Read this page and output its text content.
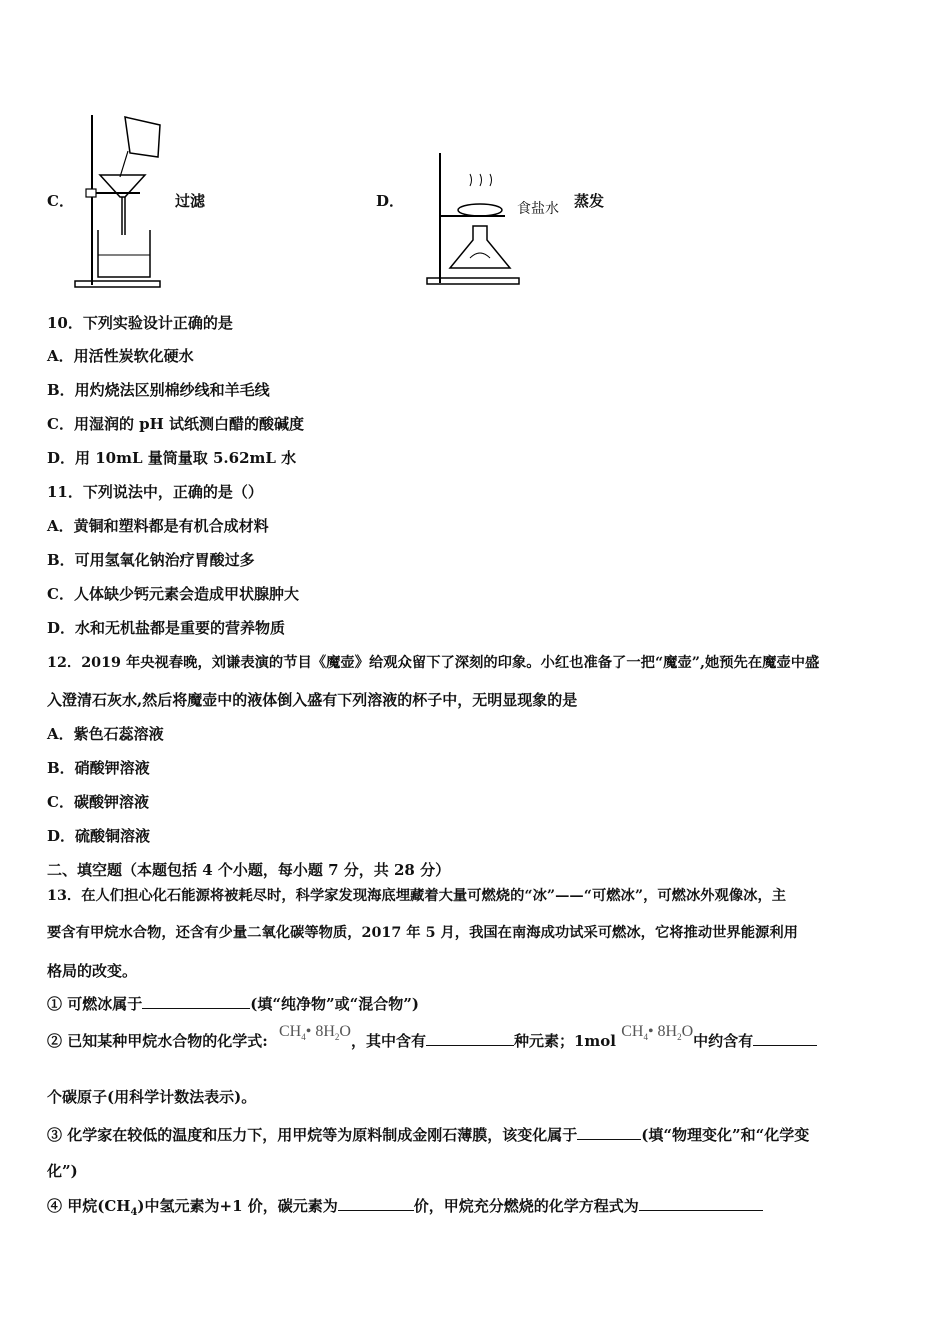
C．	过滤	D．	食盐水 蒸发
10．下列实验设计正确的是
A．用活性炭软化硬水
B．用灼烧法区别棉纱线和羊毛线
C．用湿润的 pH 试纸测白醋的酸碱度
D．用 10mL 量筒量取 5.62mL 水
11．下列说法中，正确的是（）
A．黄铜和塑料都是有机合成材料
B．可用氢氧化钠治疗胃酸过多
C．人体缺少钙元素会造成甲状腺肿大
D．水和无机盐都是重要的营养物质
12．2019 年央视春晚，刘谦表演的节目《魔壶》给观众留下了深刻的印象。小红也准备了一把“魔壶”,她预先在魔壶中盛
入澄清石灰水,然后将魔壶中的液体倒入盛有下列溶液的杯子中，无明显现象的是
A．紫色石蕊溶液
B．硝酸钾溶液
C．碳酸钾溶液
D．硫酸铜溶液
二、填空题（本题包括 4 个小题，每小题 7 分，共 28 分）
13．在人们担心化石能源将被耗尽时，科学家发现海底埋藏着大量可燃烧的“冰”——“可燃冰”，可燃冰外观像冰，主
要含有甲烷水合物，还含有少量二氧化碳等物质，2017 年 5 月，我国在南海成功试采可燃冰，它将推动世界能源利用
格局的改变。
① 可燃冰属于	(填“纯净物”或“混合物”)
② 已知某种甲烷水合物的化学式: $CH_4•$ $8H_2O$，其中含有	种元素；1mol $CH_4•$ $8H_2O$中约含有
个碳原子(用科学计数法表示)。
③ 化学家在较低的温度和压力下，用甲烷等为原料制成金刚石薄膜，该变化属于	(填“物理变化”和“化学变
化”)
④ 甲烷$(CH_4)$中氢元素为+1 价，碳元素为	价，甲烷充分燃烧的化学方程式为
